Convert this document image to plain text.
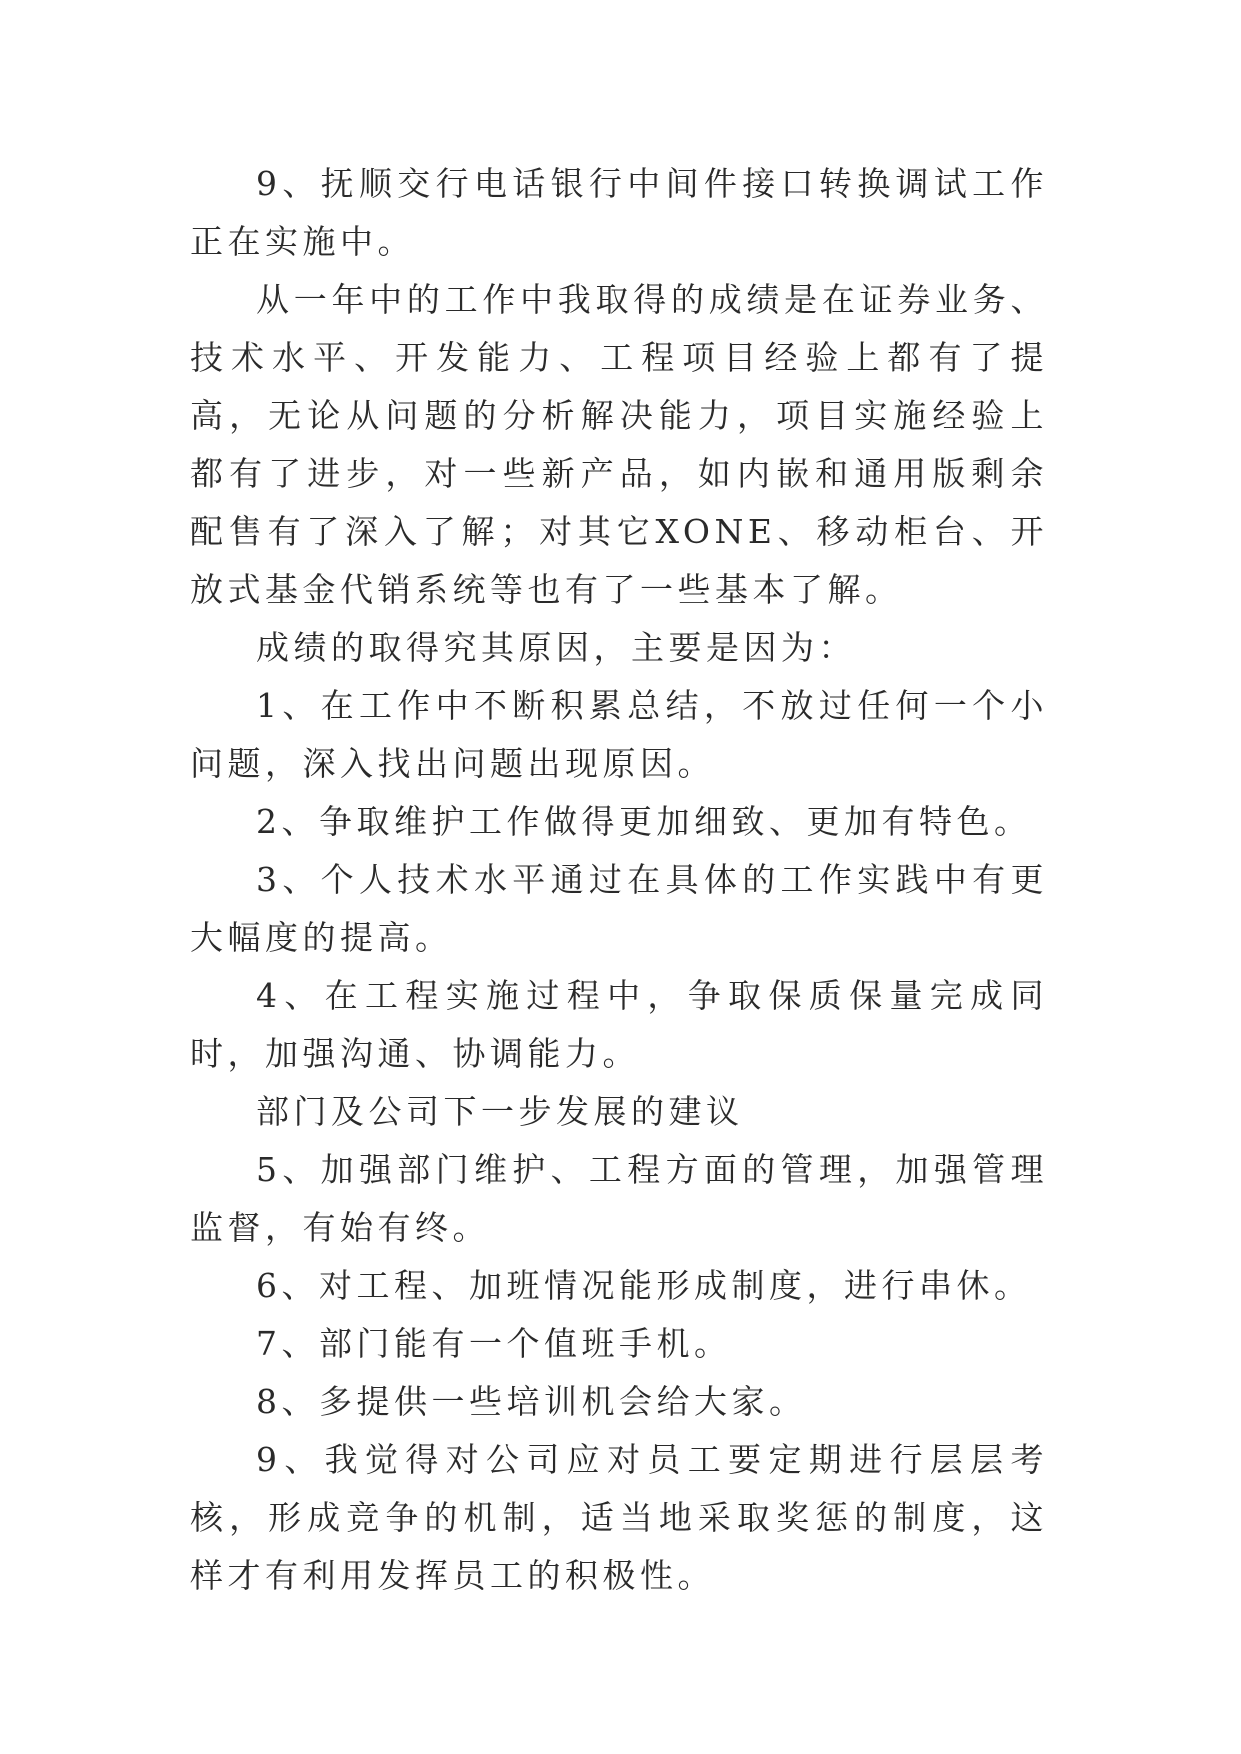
9、抚顺交行电话银行中间件接口转换调试工作正在实施中。

从一年中的工作中我取得的成绩是在证券业务、技术水平、开发能力、工程项目经验上都有了提高，无论从问题的分析解决能力，项目实施经验上都有了进步，对一些新产品，如内嵌和通用版剩余配售有了深入了解；对其它XONE、移动柜台、开放式基金代销系统等也有了一些基本了解。

成绩的取得究其原因，主要是因为：

1、在工作中不断积累总结，不放过任何一个小问题，深入找出问题出现原因。

2、争取维护工作做得更加细致、更加有特色。

3、个人技术水平通过在具体的工作实践中有更大幅度的提高。

4、在工程实施过程中，争取保质保量完成同时，加强沟通、协调能力。

部门及公司下一步发展的建议

5、加强部门维护、工程方面的管理，加强管理监督，有始有终。

6、对工程、加班情况能形成制度，进行串休。

7、部门能有一个值班手机。

8、多提供一些培训机会给大家。

9、我觉得对公司应对员工要定期进行层层考核，形成竞争的机制，适当地采取奖惩的制度，这样才有利用发挥员工的积极性。
